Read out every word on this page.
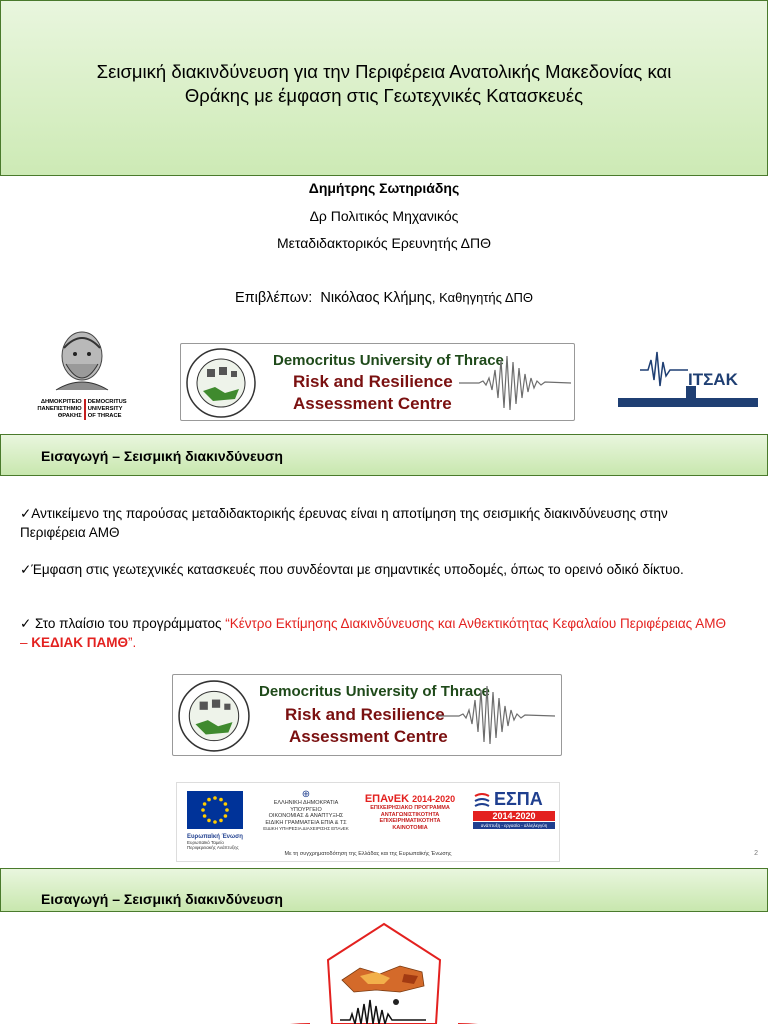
Σεισμική διακινδύνευση για την Περιφέρεια Ανατολικής Μακεδονίας και
Θράκης με έμφαση στις Γεωτεχνικές Κατασκευές
Δημήτρης Σωτηριάδης
Δρ Πολιτικός Μηχανικός
Μεταδιδακτορικός Ερευνητής ΔΠΘ
Επιβλέπων: Νικόλαος Κλήμης, Καθηγητής ΔΠΘ
ΔΗΜΟΚΡΙΤΕΙΟ
ΠΑΝΕΠΙΣΤΗΜΙΟ
ΘΡΑΚΗΣ
DEMOCRITUS
UNIVERSITY
OF THRACE
Democritus University of Thrace
Risk and Resilience
Assessment Centre
ΙΤΣΑΚ
Εισαγωγή – Σεισμική διακινδύνευση
✓Αντικείμενο της παρούσας μεταδιδακτορικής έρευνας είναι η αποτίμηση της σεισμικής διακινδύνευσης στην Περιφέρεια ΑΜΘ
✓Έμφαση στις γεωτεχνικές κατασκευές που συνδέονται με σημαντικές υποδομές, όπως το ορεινό οδικό δίκτυο.
✓ Στο πλαίσιο του προγράμματος “Κέντρο Εκτίμησης Διακινδύνευσης και Ανθεκτικότητας Κεφαλαίου Περιφέρειας ΑΜΘ – ΚΕΔΙΑΚ ΠΑΜΘ”.
Democritus University of Thrace
Risk and Resilience
Assessment Centre
Ευρωπαϊκή Ένωση
Ευρωπαϊκό Ταμείο
Περιφερειακής Ανάπτυξης
⊕
ΕΛΛΗΝΙΚΗ ΔΗΜΟΚΡΑΤΙΑ
ΥΠΟΥΡΓΕΙΟ
ΟΙΚΟΝΟΜΙΑΣ & ΑΝΑΠΤΥΞΗΣ
ΕΙΔΙΚΗ ΓΡΑΜΜΑΤΕΙΑ ΕΠΙΑ & ΤΣ
ΕΙΔΙΚΗ ΥΠΗΡΕΣΙΑ ΔΙΑΧΕΙΡΙΣΗΣ ΕΠΑνΕΚ
ΕΠΑνΕΚ 2014-2020
ΕΠΙΧΕΙΡΗΣΙΑΚΟ ΠΡΟΓΡΑΜΜΑ
ΑΝΤΑΓΩΝΙΣΤΙΚΟΤΗΤΑ
ΕΠΙΧΕΙΡΗΜΑΤΙΚΟΤΗΤΑ
ΚΑΙΝΟΤΟΜΙΑ
ΕΣΠΑ
2014-2020
ανάπτυξη - εργασία - αλληλεγγύη
Με τη συγχρηματοδότηση της Ελλάδας και της Ευρωπαϊκής Ένωσης	2
Εισαγωγή – Σεισμική διακινδύνευση
